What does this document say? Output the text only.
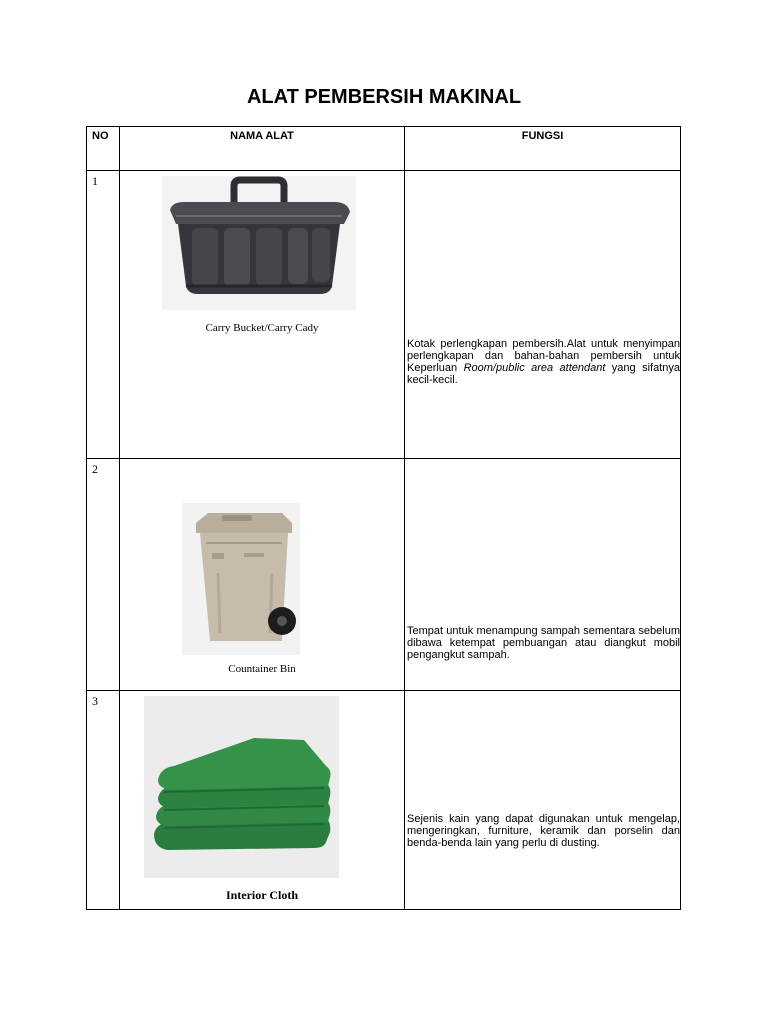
ALAT PEMBERSIH MAKINAL
NO	NAMA ALAT	FUNGSI
1	Carry Bucket/Carry Cady	Kotak perlengkapan pembersih.Alat untuk menyimpan perlengkapan dan bahan-bahan pembersih untuk Keperluan Room/public area attendant yang sifatnya kecil-kecil.

2	Countainer Bin	Tempat untuk menampung sampah sementara sebelum dibawa ketempat pembuangan atau diangkut mobil pengangkut sampah.

3	Interior Cloth	Sejenis kain yang dapat digunakan untuk mengelap, mengeringkan, furniture, keramik dan porselin dan benda-benda lain yang perlu di dusting.
